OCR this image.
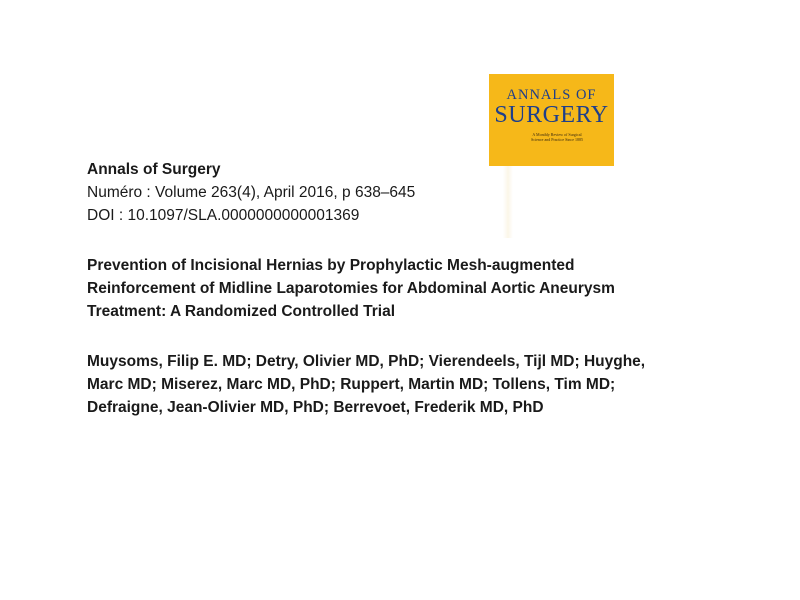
ANNALS OF
SURGERY
A Monthly Review of Surgical Science and Practice Since 1885
Annals of Surgery
Numéro : Volume 263(4), April 2016, p 638–645
DOI : 10.1097/SLA.0000000000001369
Prevention of Incisional Hernias by Prophylactic Mesh-augmented
Reinforcement of Midline Laparotomies for Abdominal Aortic Aneurysm
Treatment: A Randomized Controlled Trial
Muysoms, Filip E. MD; Detry, Olivier MD, PhD; Vierendeels, Tijl MD; Huyghe,
Marc MD; Miserez, Marc MD, PhD; Ruppert, Martin MD; Tollens, Tim MD;
Defraigne, Jean-Olivier MD, PhD; Berrevoet, Frederik MD, PhD
